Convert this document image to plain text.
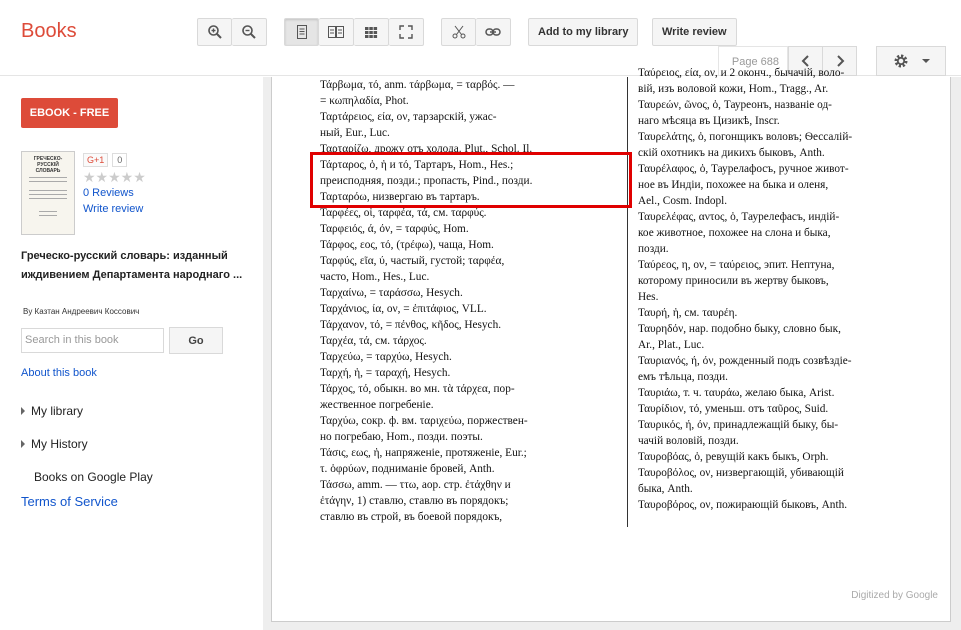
Books	Add to my library	Write review
Page 688
EBOOK - FREE
ГРЕЧЕСКО-РУССКІЙ СЛОВАРЬ
G+1	0
★★★★★
0 Reviews
Write review
Греческо-русский словарь: изданный иждивением Департамента народнаго ...
By Казтан Андреевич Коссович
Search in this book	Go
About this book
My library
My History
Books on Google Play
Terms of Service
Τάρβωμα, τό, anm. τάρβωμα, = ταρβός. —
= κωπηλαδία, Phot.
Ταρτάρειος, εία, ον, тарзарскій, ужас-
ный, Eur., Luc.
Ταρταρίζω, дрожу отъ холода. Plut., Schol. Il.
Τάρταρος, ὁ, ἡ и τό, Тартаръ, Hom., Hes.;
преисподняя, позди.; пропасть, Pind., позди.
Ταρταρόω, низвергаю въ тартаръ.
Ταρφέες, οἱ, ταρφέα, τά, см. ταρφύς.
Ταρφειός, ά, όν, = ταρφύς, Hom.
Τάρφος, εος, τό, (τρέφω), чаща, Hom.
Ταρφύς, εῖα, ύ, частый, густой; ταρφέα,
часто, Hom., Hes., Luc.
Ταρχαίνω, = ταράσσω, Hesych.
Ταρχάνιος, ία, ον, = ἐπιτάφιος, VLL.
Τάρχανον, τό, = πένθος, κῆδος, Hesych.
Ταρχέα, τά, см. τάρχος.
Ταρχεύω, = ταρχύω, Hesych.
Ταρχή, ἡ, = ταραχή, Hesych.
Τάρχος, τό, обыкн. во мн. τὰ τάρχεα, пор-
жественное погребеніе.
Ταρχύω, сокр. ф. вм. ταριχεύω, поржествен-
но погребаю, Hom., позди. поэты.
Τάσις, εως, ἡ, напряженіе, протяженіе, Eur.;
τ. ὀφρύων, подниманіе бровей, Anth.
Τάσσω, amm. — ττω, aop. стр. ἐτάχθην и
ἐτάγην, 1) ставлю, ставлю въ порядокъ;
ставлю въ строй, въ боевой порядокъ,
Ταύρειος, εία, ον, и 2 оконч., бычачій, воло-
вій, изъ воловой кожи, Hom., Tragg., Ar.
Ταυρεών, ῶνος, ὁ, Таурeонъ, названіе од-
наго мѣсяца въ Цизикѣ, Inscr.
Ταυρελάτης, ὁ, погонщикъ воловъ; Ѳессалій-
скій охотникъ на дикихъ быковъ, Anth.
Ταυρέλαφος, ὁ, Таурелафосъ, ручное живот-
ное въ Индіи, похожее на быка и оленя,
Ael., Cosm. Indopl.
Ταυρελέφας, αντος, ὁ, Таурелефасъ, индій-
кое животное, похожее на слона и быка,
позди.
Ταύρεος, η, ον, = ταύρειος, эпит. Нептуна,
которому приносили въ жертву быковъ,
Hes.
Ταυρή, ἡ, см. ταυρέη.
Ταυρηδόν, нар. подобно быку, словно бык,
Ar., Plat., Luc.
Ταυριανός, ή, όν, рожденный подъ созвѣздіе-
емъ тѣльца, позди.
Ταυριάω, т. ч. ταυράω, желаю быка, Arist.
Ταυρίδιον, τό, уменьш. отъ ταῦρος, Suid.
Ταυρικός, ή, όν, принадлежащій быку, бы-
чачій воловій, позди.
Ταυροβόας, ὁ, ревущій какъ быкъ, Orph.
Ταυροβόλος, ον, низвергающій, убивающій
быка, Anth.
Ταυροβόρος, ον, пожирающій быковъ, Anth.
Digitized by Google
